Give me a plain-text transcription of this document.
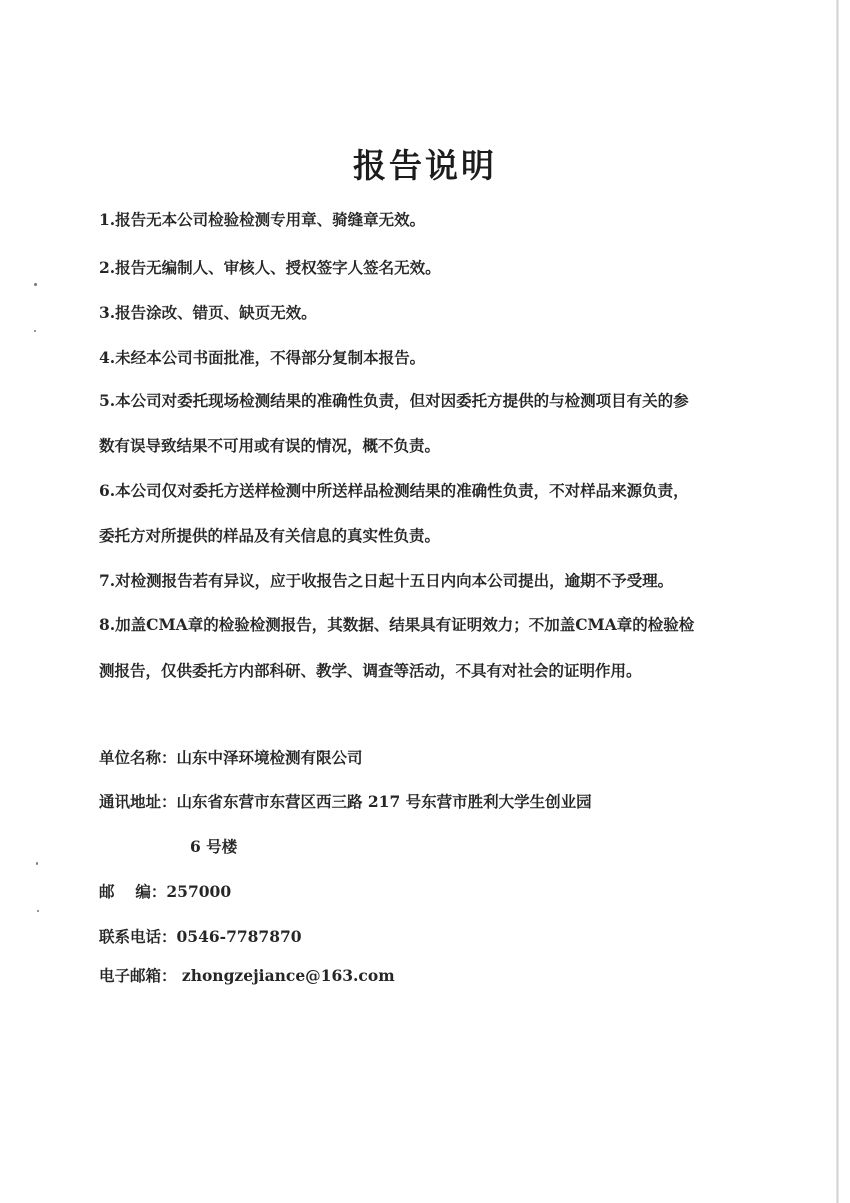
报告说明
1.报告无本公司检验检测专用章、骑缝章无效。
2.报告无编制人、审核人、授权签字人签名无效。
3.报告涂改、错页、缺页无效。
4.未经本公司书面批准，不得部分复制本报告。
5.本公司对委托现场检测结果的准确性负责，但对因委托方提供的与检测项目有关的参
数有误导致结果不可用或有误的情况，概不负责。
6.本公司仅对委托方送样检测中所送样品检测结果的准确性负责，不对样品来源负责，
委托方对所提供的样品及有关信息的真实性负责。
7.对检测报告若有异议，应于收报告之日起十五日内向本公司提出，逾期不予受理。
8.加盖CMA章的检验检测报告，其数据、结果具有证明效力；不加盖CMA章的检验检
测报告，仅供委托方内部科研、教学、调查等活动，不具有对社会的证明作用。
单位名称：山东中泽环境检测有限公司
通讯地址：山东省东营市东营区西三路 217 号东营市胜利大学生创业园
6 号楼
邮　 编：257000
联系电话：0546-7787870
电子邮箱： zhongzejiance@163.com
